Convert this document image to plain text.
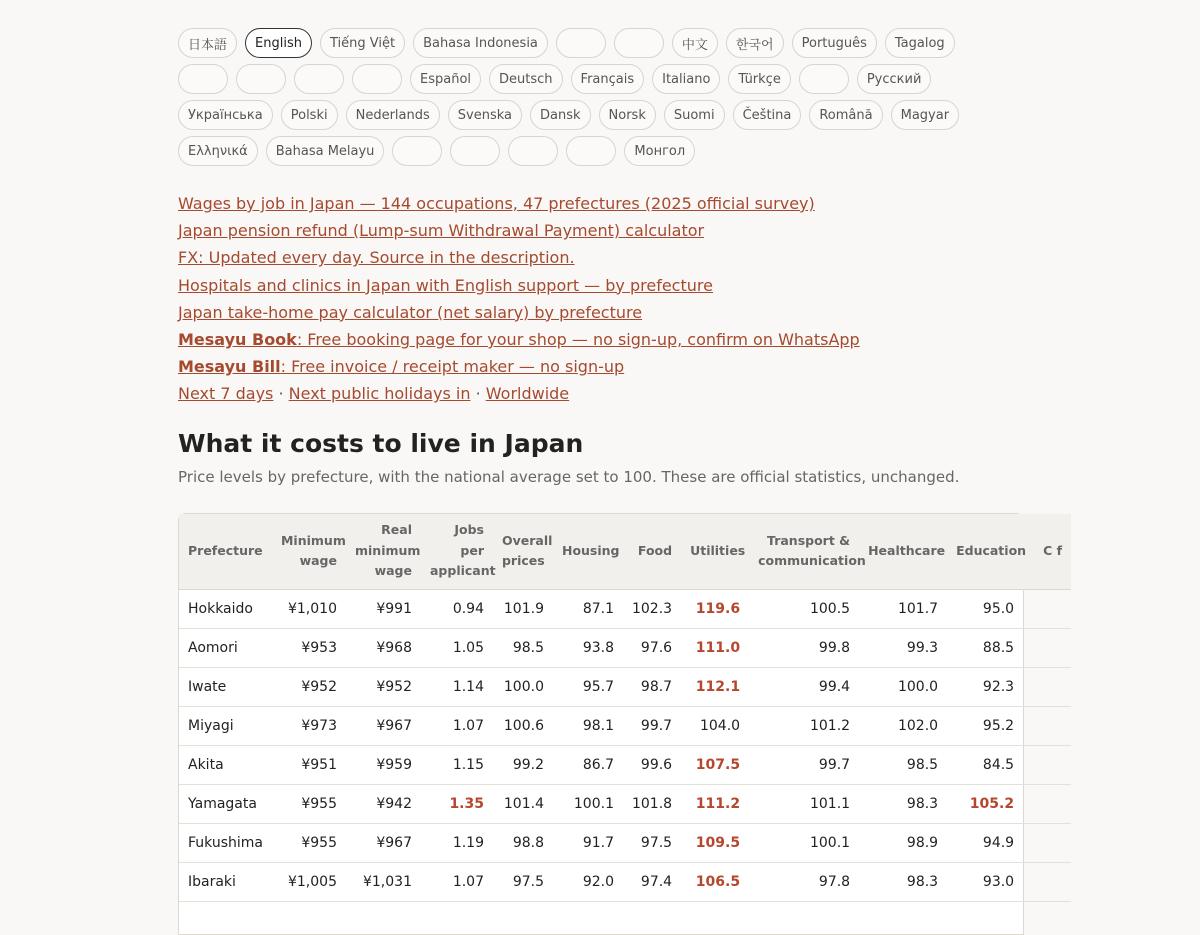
日本語	English	Tiếng Việt	Bahasa Indonesia	中文	한국어	Português	Tagalog
Español	Deutsch	Français	Italiano	Türkçe	Русский
Українська	Polski	Nederlands	Svenska	Dansk	Norsk	Suomi	Čeština	Română	Magyar
Ελληνικά	Bahasa Melayu	Монгол
Wages by job in Japan — 144 occupations, 47 prefectures (2025 official survey)
Japan pension refund (Lump-sum Withdrawal Payment) calculator
FX: Updated every day. Source in the description.
Hospitals and clinics in Japan with English support — by prefecture
Japan take-home pay calculator (net salary) by prefecture
Mesayu Book: Free booking page for your shop — no sign-up, confirm on WhatsApp
Mesayu Bill: Free invoice / receipt maker — no sign-up
Next 7 days · Next public holidays in · Worldwide
What it costs to live in Japan
Price levels by prefecture, with the national average set to 100. These are official statistics, unchanged.
Prefecture	Minimum wage	Real minimum wage	Jobs per applicant	Overall prices	Housing	Food	Utilities	Transport & communication	Healthcare	Education	C f
Hokkaido	¥1,010	¥991	0.94	101.9	87.1	102.3	119.6	100.5	101.7	95.0	
Aomori	¥953	¥968	1.05	98.5	93.8	97.6	111.0	99.8	99.3	88.5	
Iwate	¥952	¥952	1.14	100.0	95.7	98.7	112.1	99.4	100.0	92.3	
Miyagi	¥973	¥967	1.07	100.6	98.1	99.7	104.0	101.2	102.0	95.2	
Akita	¥951	¥959	1.15	99.2	86.7	99.6	107.5	99.7	98.5	84.5	
Yamagata	¥955	¥942	1.35	101.4	100.1	101.8	111.2	101.1	98.3	105.2	
Fukushima	¥955	¥967	1.19	98.8	91.7	97.5	109.5	100.1	98.9	94.9	
Ibaraki	¥1,005	¥1,031	1.07	97.5	92.0	97.4	106.5	97.8	98.3	93.0	
